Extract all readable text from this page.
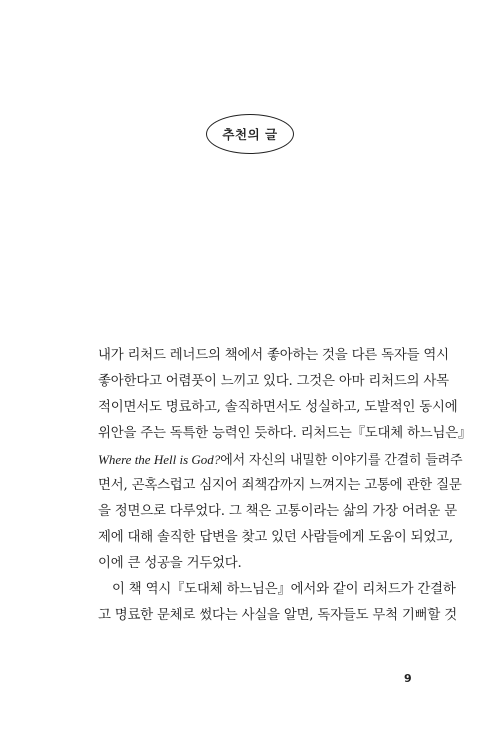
추천의 글
내가 리처드 레너드의 책에서 좋아하는 것을 다른 독자들 역시
좋아한다고 어렴풋이 느끼고 있다. 그것은 아마 리처드의 사목
적이면서도 명료하고, 솔직하면서도 성실하고, 도발적인 동시에
위안을 주는 독특한 능력인 듯하다. 리처드는『도대체 하느님은』
Where the Hell is God?에서 자신의 내밀한 이야기를 간결히 들려주
면서, 곤혹스럽고 심지어 죄책감까지 느껴지는 고통에 관한 질문
을 정면으로 다루었다. 그 책은 고통이라는 삶의 가장 어려운 문
제에 대해 솔직한 답변을 찾고 있던 사람들에게 도움이 되었고,
이에 큰 성공을 거두었다.
이 책 역시『도대체 하느님은』에서와 같이 리처드가 간결하
고 명료한 문체로 썼다는 사실을 알면, 독자들도 무척 기뻐할 것
9
